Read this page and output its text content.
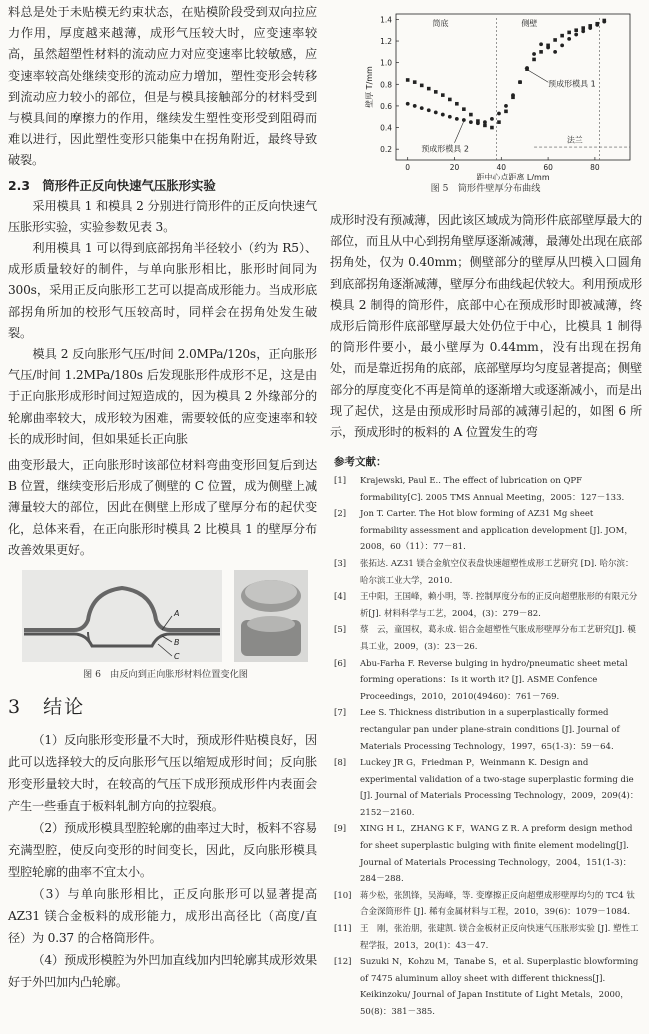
料总是处于未贴模无约束状态，在贴模阶段受到双向拉应力作用，厚度越来越薄，成形气压较大时，应变速率较高，虽然超塑性材料的流动应力对应变速率比较敏感，应变速率较高处继续变形的流动应力增加，塑性变形会转移到流动应力较小的部位，但是与模具接触部分的材料受到与模具间的摩擦力的作用，继续发生塑性变形受到阻碍而难以进行，因此塑性变形只能集中在拐角附近，最终导致破裂。

2.3　筒形件正反向快速气压胀形实验

采用模具 1 和模具 2 分别进行筒形件的正反向快速气压胀形实验，实验参数见表 3。

利用模具 1 可以得到底部拐角半径较小（约为 R5）、成形质量较好的制件，与单向胀形相比，胀形时间同为 300s，采用正反向胀形工艺可以提高成形能力。当成形底部拐角所加的校形气压较高时，同样会在拐角处发生破裂。

模具 2 反向胀形气压/时间 2.0MPa/120s，正向胀形气压/时间 1.2MPa/180s 后发现胀形件成形不足，这是由于正向胀形成形时间过短造成的，因为模具 2 外缘部分的轮廓曲率较大，成形较为困难，需要较低的应变速率和较长的成形时间，但如果延长正向胀

0.2
0.4
0.6
0.8
1.0
1.2
1.4
0	20	40	60	80
距中心点距离 L/mm
壁厚 T/mm
筒底	侧壁
法兰
预成形模具 1
预成形模具 2
图 5　筒形件壁厚分布曲线

成形时没有预减薄，因此该区域成为筒形件底部壁厚最大的部位，而且从中心到拐角壁厚逐渐减薄，最薄处出现在底部拐角处，仅为 0.40mm；侧壁部分的壁厚从凹模入口圆角到底部拐角逐渐减薄，壁厚分布曲线起伏较大。利用预成形模具 2 制得的筒形件，底部中心在预成形时即被减薄，终成形后筒形件底部壁厚最大处仍位于中心，比模具 1 制得的筒形件要小，最小壁厚为 0.44mm，没有出现在拐角处，而是靠近拐角的底部，底部壁厚均匀度显著提高；侧壁部分的厚度变化不再是简单的逐渐增大或逐渐减小，而是出现了起伏，这是由预成形时局部的减薄引起的，如图 6 所示，预成形时的板料的 A 位置发生的弯

曲变形最大，正向胀形时该部位材料弯曲变形回复后到达 B 位置，继续变形后形成了侧壁的 C 位置，成为侧壁上减薄量较大的部位，因此在侧壁上形成了壁厚分布的起伏变化，总体来看，在正向胀形时模具 2 比模具 1 的壁厚分布改善效果更好。

A
B
C
图 6　由反向到正向胀形材料位置变化图

3　结论

（1）反向胀形变形量不大时，预成形件贴模良好，因此可以选择较大的反向胀形气压以缩短成形时间；反向胀形变形量较大时，在较高的气压下成形预成形件内表面会产生一些垂直于板料轧制方向的拉裂痕。

（2）预成形模具型腔轮廓的曲率过大时，板料不容易充满型腔，使反向变形的时间变长，因此，反向胀形模具型腔轮廓的曲率不宜太小。

（3）与单向胀形相比，正反向胀形可以显著提高 AZ31 镁合金板料的成形能力，成形出高径比（高度/直径）为 0.37 的合格筒形件。

（4）预成形模腔为外凹加直线加内凹轮廓其成形效果好于外凹加内凸轮廓。

参考文献：
[1]	Krajewski, Paul E.. The effect of lubrication on QPF formability[C]. 2005 TMS Annual Meeting，2005：127－133.
[2]	Jon T. Carter. The Hot blow forming of AZ31 Mg sheet formability assessment and application development [J]. JOM，2008，60（11）：77－81.
[3]	张拓达. AZ31 镁合金航空仪表盘快速超塑性成形工艺研究 [D]. 哈尔滨：哈尔滨工业大学，2010.
[4]	王中阳，王国峰，赖小明，等. 控制厚度分布的正反向超塑胀形的有限元分析[J]. 材料科学与工艺，2004，(3)：279－82.
[5]	蔡　云，童国权，葛永成. 铝合金超塑性气胀成形壁厚分布工艺研究[J]. 模具工业，2009，(3)：23－26.
[6]	Abu-Farha F. Reverse bulging in hydro/pneumatic sheet metal forming operations：Is it worth it? [J]. ASME Confence Proceedings，2010，2010(49460)：761－769.
[7]	Lee S. Thickness distribution in a superplastically formed rectangular pan under plane-strain conditions [J]. Journal of Materials Processing Technology，1997，65(1-3)：59－64.
[8]	Luckey JR G，Friedman P，Weinmann K. Design and experimental validation of a two-stage superplastic forming die [J]. Journal of Materials Processing Technology，2009，209(4)：2152－2160.
[9]	XING H L，ZHANG K F，WANG Z R. A preform design method for sheet superplastic bulging with finite element modeling[J]. Journal of Materials Processing Technology，2004，151(1-3)：284－288.
[10]	蒋少松，张凯锋，吴海峰，等. 变摩擦正反向超塑成形壁厚均匀的 TC4 钛合金深筒形件 [J]. 稀有金属材料与工程，2010，39(6)：1079－1084.
[11]	王　刚，张治朋，张建凯. 镁合金板材正反向快速气压胀形实验 [J]. 塑性工程学报，2013，20(1)：43－47.
[12]	Suzuki N，Kohzu M，Tanabe S，et al. Superplastic blowforming of 7475 aluminum alloy sheet with different thickness[J]. Keikinzoku/ Journal of Japan Institute of Light Metals，2000，50(8)：381－385.
